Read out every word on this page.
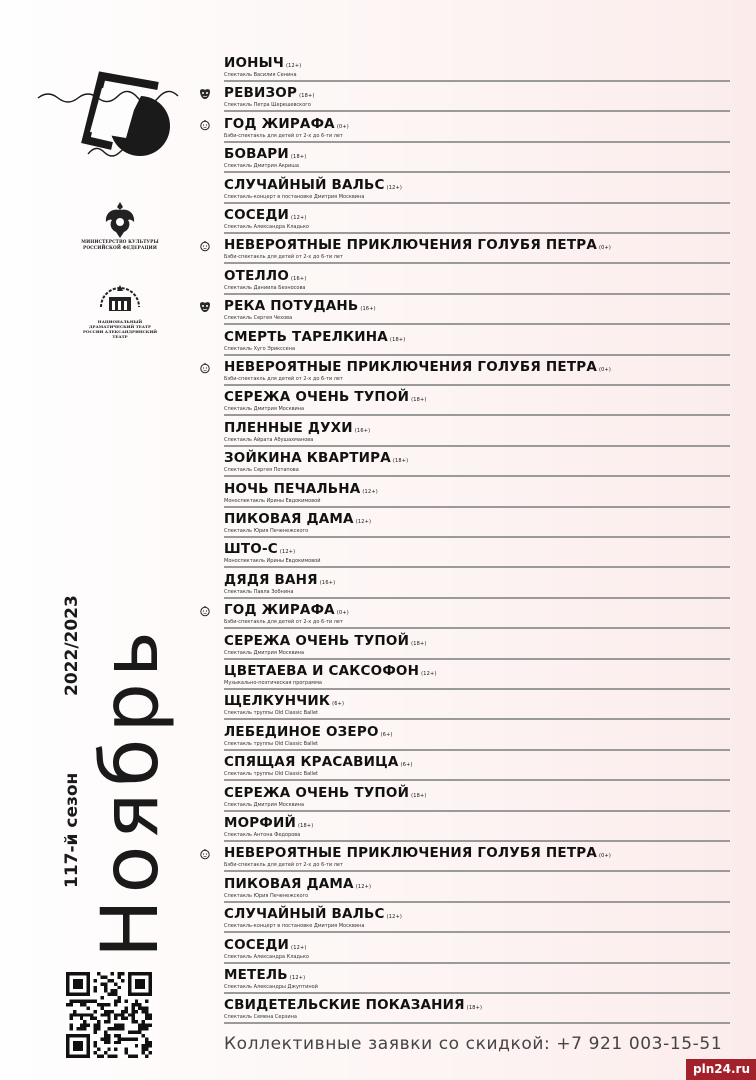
МИНИСТЕРСТВО КУЛЬТУРЫ РОССИЙСКОЙ ФЕДЕРАЦИИ
НАЦИОНАЛЬНЫЙ ДРАМАТИЧЕСКИЙ ТЕАТР РОССИИ АЛЕКСАНДРИНСКИЙ ТЕАТР
Ноябрь
117-й сезон
2022/2023
ИОНЫЧ (12+)
Спектакль Василия Сенина
РЕВИЗОР (18+)
Спектакль Петра Шерешевского
ГОД ЖИРАФА (0+)
Бэби-спектакль для детей от 2-х до 6-ти лет
БОВАРИ (18+)
Спектакль Дмитрия Акриша
СЛУЧАЙНЫЙ ВАЛЬС (12+)
Спектакль-концерт в постановке Дмитрия Москвина
СОСЕДИ (12+)
Спектакль Александра Кладько
НЕВЕРОЯТНЫЕ ПРИКЛЮЧЕНИЯ ГОЛУБЯ ПЕТРА (0+)
Бэби-спектакль для детей от 2-х до 6-ти лет
ОТЕЛЛО (16+)
Спектакль Даниила Безносова
РЕКА ПОТУДАНЬ (16+)
Спектакль Сергея Чехова
СМЕРТЬ ТАРЕЛКИНА (18+)
Спектакль Хуго Эрикссена
НЕВЕРОЯТНЫЕ ПРИКЛЮЧЕНИЯ ГОЛУБЯ ПЕТРА (0+)
Бэби-спектакль для детей от 2-х до 6-ти лет
СЕРЕЖА ОЧЕНЬ ТУПОЙ (18+)
Спектакль Дмитрия Москвина
ПЛЕННЫЕ ДУХИ (16+)
Спектакль Айрата Абушахманова
ЗОЙКИНА КВАРТИРА (18+)
Спектакль Сергея Потапова
НОЧЬ ПЕЧАЛЬНА (12+)
Моноспектакль Ирины Евдокимовой
ПИКОВАЯ ДАМА (12+)
Спектакль Юрия Печенежского
ШТО-С (12+)
Моноспектакль Ирины Евдокимовой
ДЯДЯ ВАНЯ (16+)
Спектакль Павла Зобнина
ГОД ЖИРАФА (0+)
Бэби-спектакль для детей от 2-х до 6-ти лет
СЕРЕЖА ОЧЕНЬ ТУПОЙ (18+)
Спектакль Дмитрия Москвина
ЦВЕТАЕВА И САКСОФОН (12+)
Музыкально-поэтическая программа
ЩЕЛКУНЧИК (6+)
Спектакль труппы Old Classic Ballet
ЛЕБЕДИНОЕ ОЗЕРО (6+)
Спектакль труппы Old Classic Ballet
СПЯЩАЯ КРАСАВИЦА (6+)
Спектакль труппы Old Classic Ballet
СЕРЕЖА ОЧЕНЬ ТУПОЙ (18+)
Спектакль Дмитрия Москвина
МОРФИЙ (18+)
Спектакль Антона Федорова
НЕВЕРОЯТНЫЕ ПРИКЛЮЧЕНИЯ ГОЛУБЯ ПЕТРА (0+)
Бэби-спектакль для детей от 2-х до 6-ти лет
ПИКОВАЯ ДАМА (12+)
Спектакль Юрия Печенежского
СЛУЧАЙНЫЙ ВАЛЬС (12+)
Спектакль-концерт в постановке Дмитрия Москвина
СОСЕДИ (12+)
Спектакль Александра Кладько
МЕТЕЛЬ (12+)
Спектакль Александры Джуптиной
СВИДЕТЕЛЬСКИЕ ПОКАЗАНИЯ (18+)
Спектакль Семена Серзина
Коллективные заявки со скидкой: +7 921 003-15-51
pln24.ru
